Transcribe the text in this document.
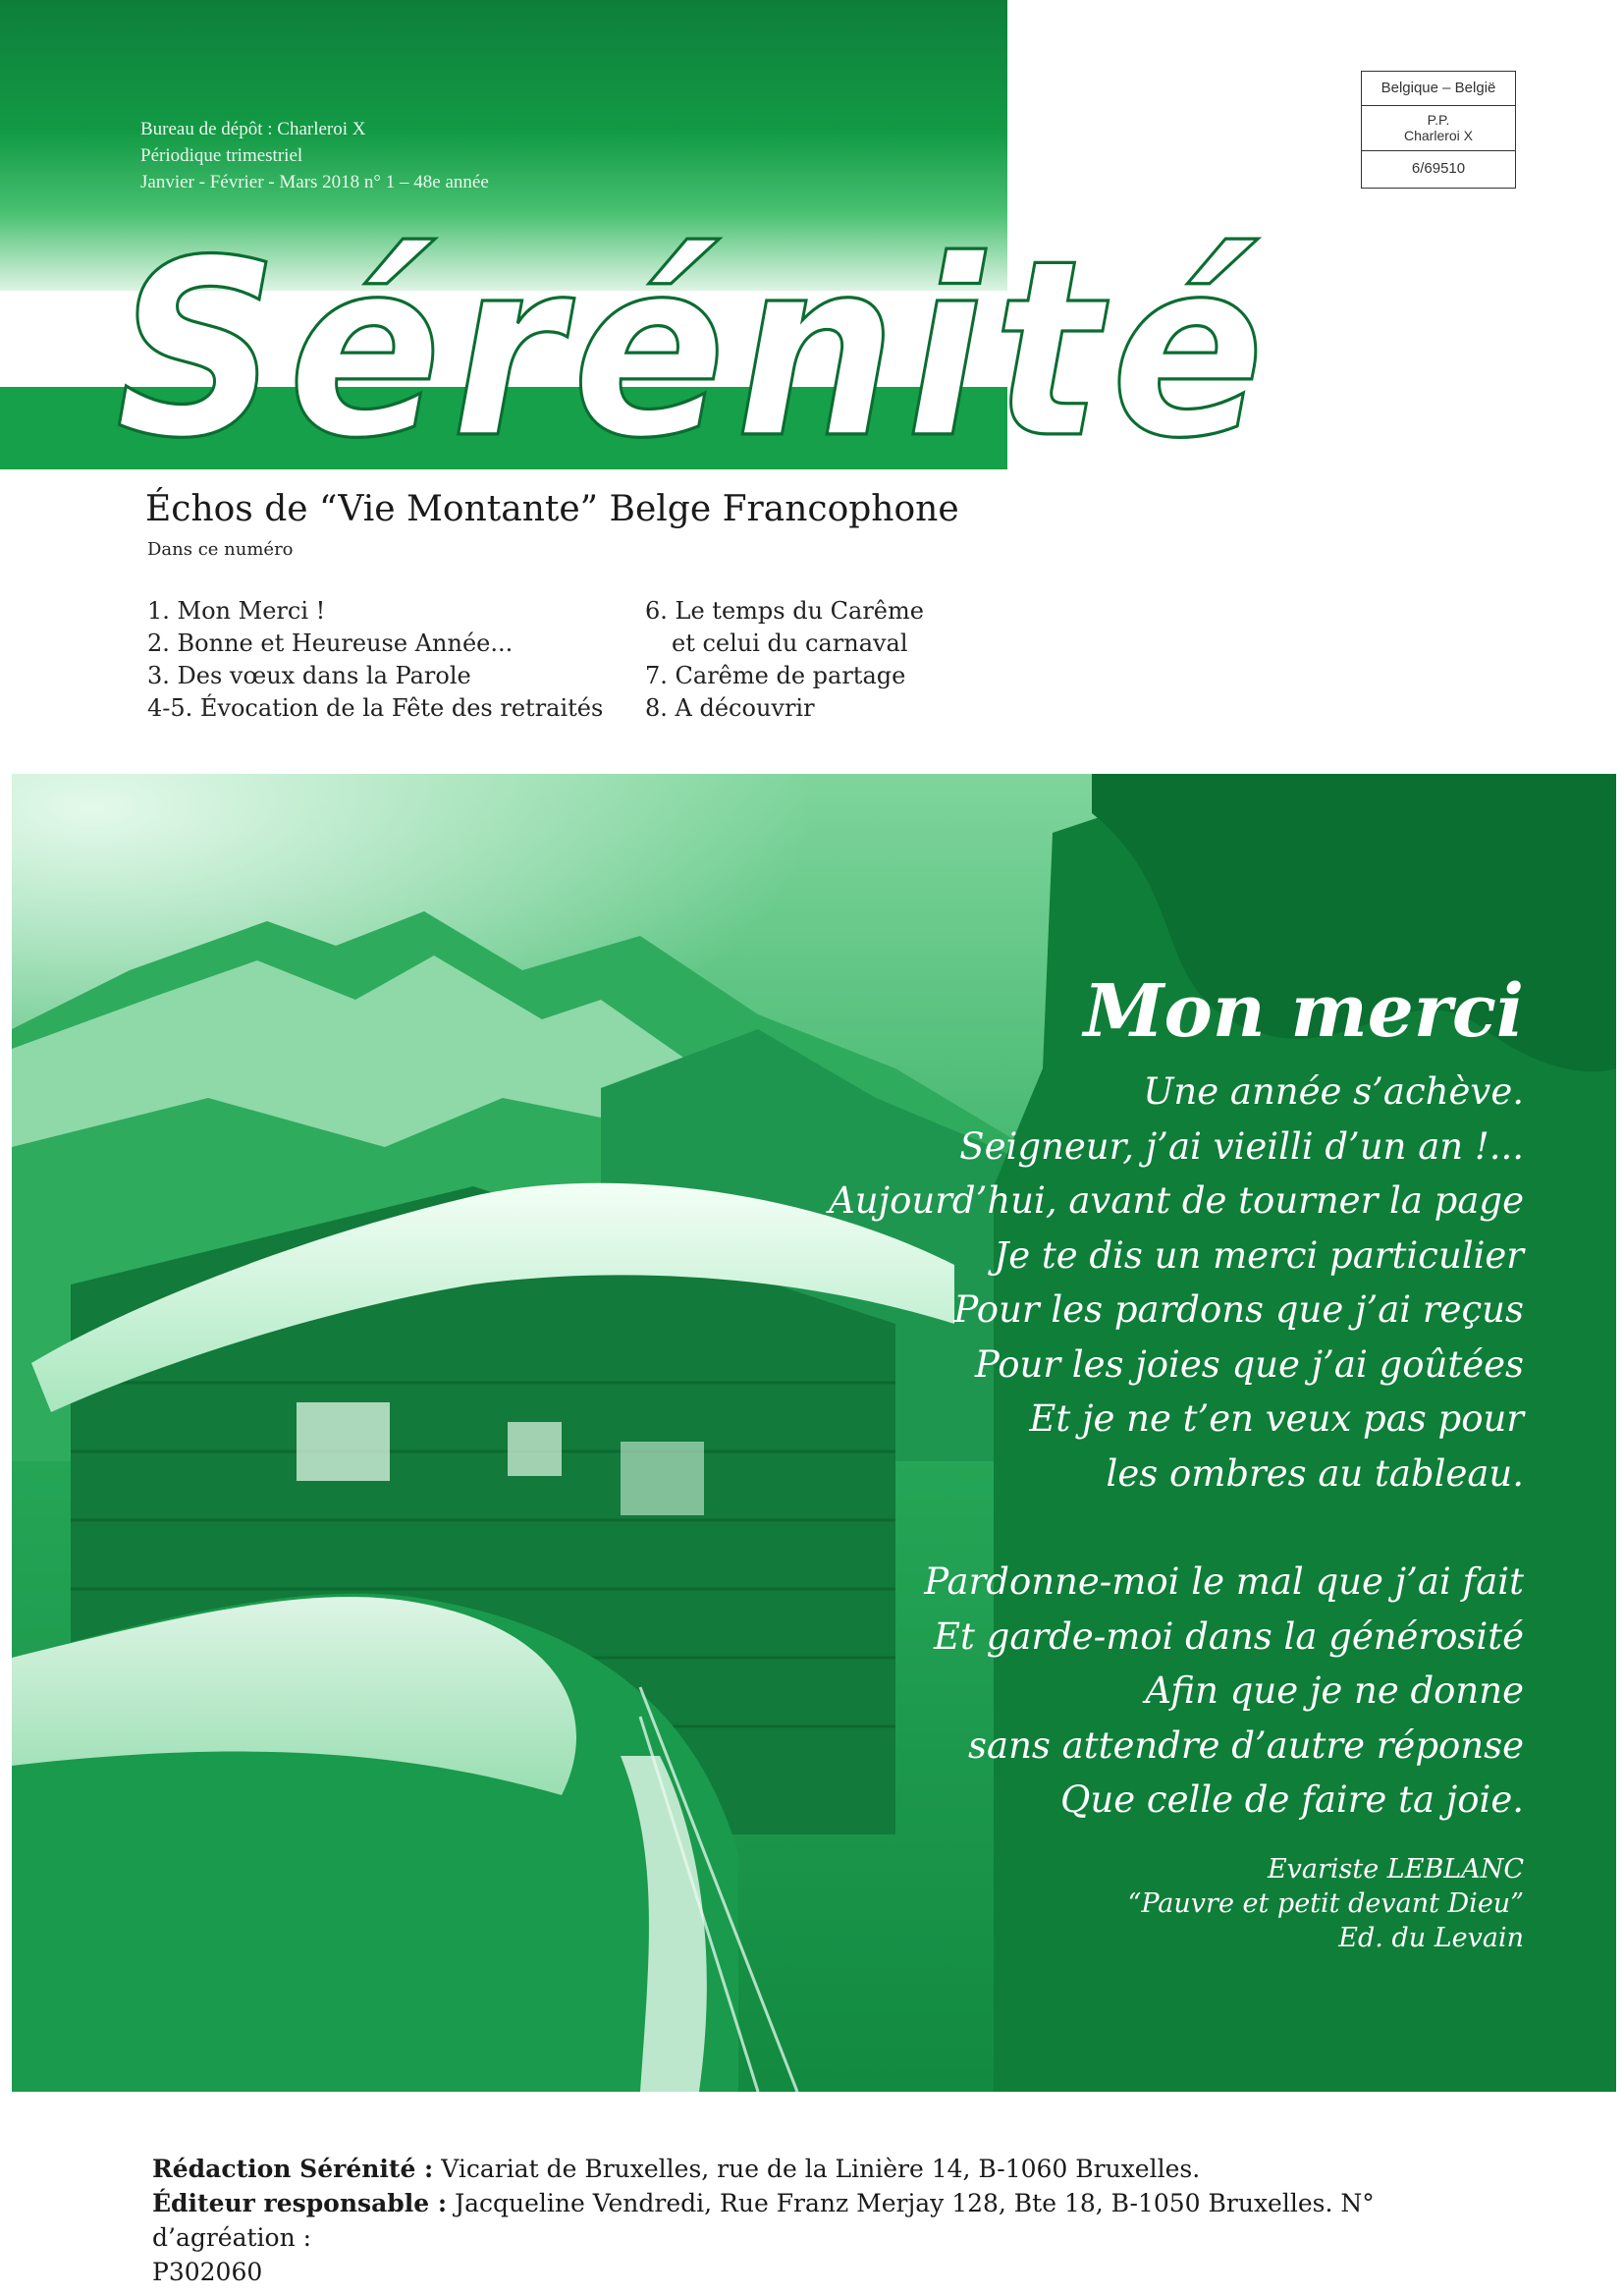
Bureau de dépôt : Charleroi X
Périodique trimestriel
Janvier - Février - Mars 2018 n° 1 – 48e année
Sérénité
Belgique – België
P.P.
Charleroi X
6/69510
Échos de “Vie Montante” Belge Francophone
Dans ce numéro
1. Mon Merci !
2. Bonne et Heureuse Année...
3. Des vœux dans la Parole
4-5. Évocation de la Fête des retraités
6. Le temps du Carême
et celui du carnaval
7. Carême de partage
8. A découvrir
Mon merci
Une année s’achève.
Seigneur, j’ai vieilli d’un an !...
Aujourd’hui, avant de tourner la page
Je te dis un merci particulier
Pour les pardons que j’ai reçus
Pour les joies que j’ai goûtées
Et je ne t’en veux pas pour
les ombres au tableau.
Pardonne-moi le mal que j’ai fait
Et garde-moi dans la générosité
Afin que je ne donne
sans attendre d’autre réponse
Que celle de faire ta joie.
Evariste LEBLANC
“Pauvre et petit devant Dieu”
Ed. du Levain
Rédaction Sérénité : Vicariat de Bruxelles, rue de la Linière 14, B-1060 Bruxelles.
Éditeur responsable : Jacqueline Vendredi, Rue Franz Merjay 128, Bte 18, B-1050 Bruxelles. N° d’agréation :
P302060
